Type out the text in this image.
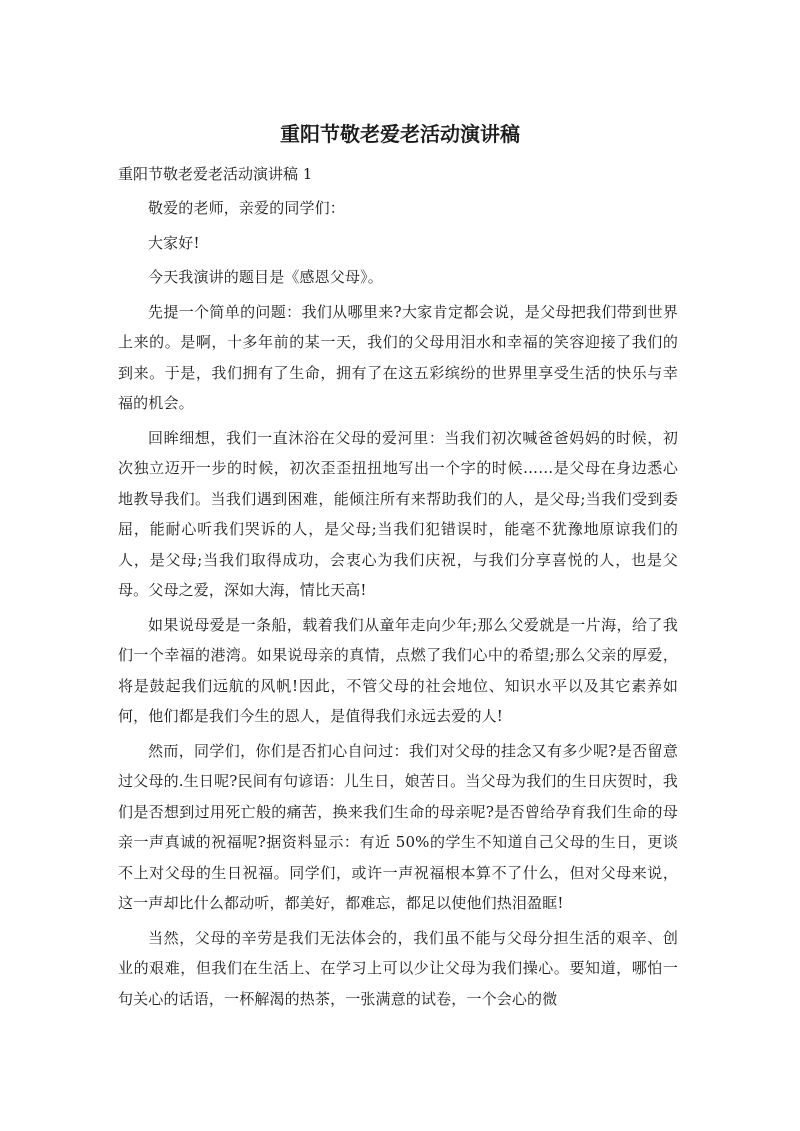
重阳节敬老爱老活动演讲稿
重阳节敬老爱老活动演讲稿 1

敬爱的老师，亲爱的同学们：

大家好!

今天我演讲的题目是《感恩父母》。

先提一个简单的问题：我们从哪里来?大家肯定都会说，是父母把我们带到世界上来的。是啊，十多年前的某一天，我们的父母用泪水和幸福的笑容迎接了我们的到来。于是，我们拥有了生命，拥有了在这五彩缤纷的世界里享受生活的快乐与幸福的机会。

回眸细想，我们一直沐浴在父母的爱河里：当我们初次喊爸爸妈妈的时候，初次独立迈开一步的时候，初次歪歪扭扭地写出一个字的时候……是父母在身边悉心地教导我们。当我们遇到困难，能倾注所有来帮助我们的人，是父母;当我们受到委屈，能耐心听我们哭诉的人，是父母;当我们犯错误时，能毫不犹豫地原谅我们的人，是父母;当我们取得成功，会衷心为我们庆祝，与我们分享喜悦的人，也是父母。父母之爱，深如大海，情比天高!

如果说母爱是一条船，载着我们从童年走向少年;那么父爱就是一片海，给了我们一个幸福的港湾。如果说母亲的真情，点燃了我们心中的希望;那么父亲的厚爱，将是鼓起我们远航的风帆!因此，不管父母的社会地位、知识水平以及其它素养如何，他们都是我们今生的恩人，是值得我们永远去爱的人!

然而，同学们，你们是否扪心自问过：我们对父母的挂念又有多少呢?是否留意过父母的.生日呢?民间有句谚语：儿生日，娘苦日。当父母为我们的生日庆贺时，我们是否想到过用死亡般的痛苦，换来我们生命的母亲呢?是否曾给孕育我们生命的母亲一声真诚的祝福呢?据资料显示：有近 50%的学生不知道自己父母的生日，更谈不上对父母的生日祝福。同学们，或许一声祝福根本算不了什么，但对父母来说，这一声却比什么都动听，都美好，都难忘，都足以使他们热泪盈眶!

当然，父母的辛劳是我们无法体会的，我们虽不能与父母分担生活的艰辛、创业的艰难，但我们在生活上、在学习上可以少让父母为我们操心。要知道，哪怕一句关心的话语，一杯解渴的热茶，一张满意的试卷，一个会心的微
